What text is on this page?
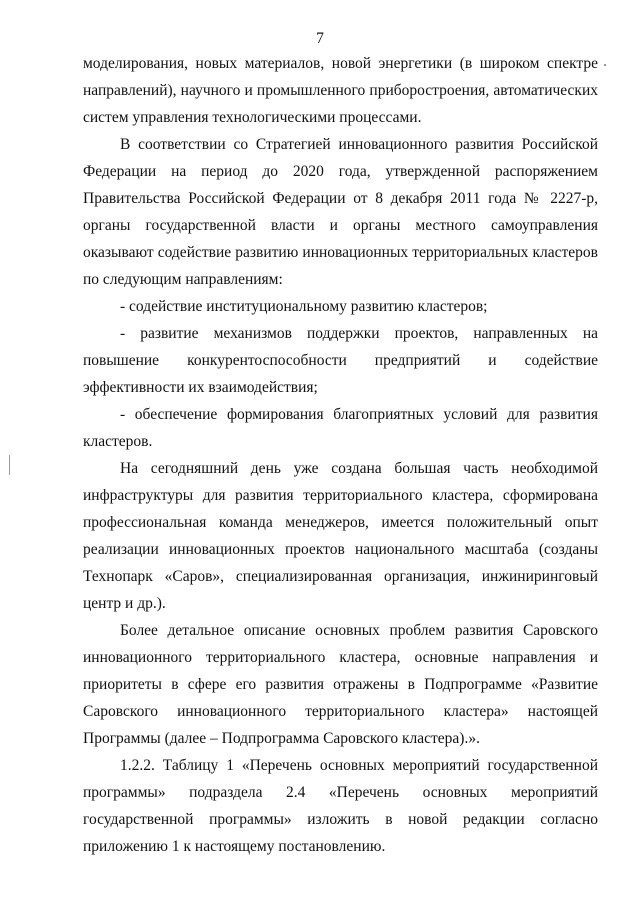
7

моделирования, новых материалов, новой энергетики (в широком спектре направлений), научного и промышленного приборостроения, автоматических систем управления технологическими процессами.

В соответствии со Стратегией инновационного развития Российской Федерации на период до 2020 года, утвержденной распоряжением Правительства Российской Федерации от 8 декабря 2011 года № 2227-р, органы государственной власти и органы местного самоуправления оказывают содействие развитию инновационных территориальных кластеров по следующим направлениям:

- содействие институциональному развитию кластеров;

- развитие механизмов поддержки проектов, направленных на повышение конкурентоспособности предприятий и содействие эффективности их взаимодействия;

- обеспечение формирования благоприятных условий для развития кластеров.

На сегодняшний день уже создана большая часть необходимой инфраструктуры для развития территориального кластера, сформирована профессиональная команда менеджеров, имеется положительный опыт реализации инновационных проектов национального масштаба (созданы Технопарк «Саров», специализированная организация, инжиниринговый центр и др.).

Более детальное описание основных проблем развития Саровского инновационного территориального кластера, основные направления и приоритеты в сфере его развития отражены в Подпрограмме «Развитие Саровского инновационного территориального кластера» настоящей Программы (далее – Подпрограмма Саровского кластера).».

1.2.2. Таблицу 1 «Перечень основных мероприятий государственной программы» подраздела 2.4 «Перечень основных мероприятий государственной программы» изложить в новой редакции согласно приложению 1 к настоящему постановлению.
